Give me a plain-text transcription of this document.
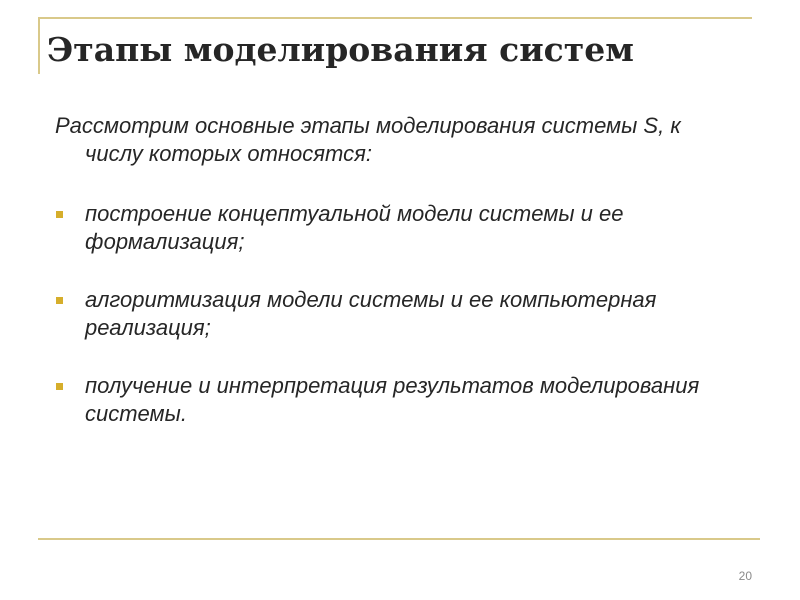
Этапы моделирования систем

Рассмотрим основные этапы моделирования системы S, к числу которых относятся:

построение концептуальной модели системы и ее формализация;
алгоритмизация модели системы и ее компьютерная реализация;
получение и интерпретация результатов моделирования системы.
20
